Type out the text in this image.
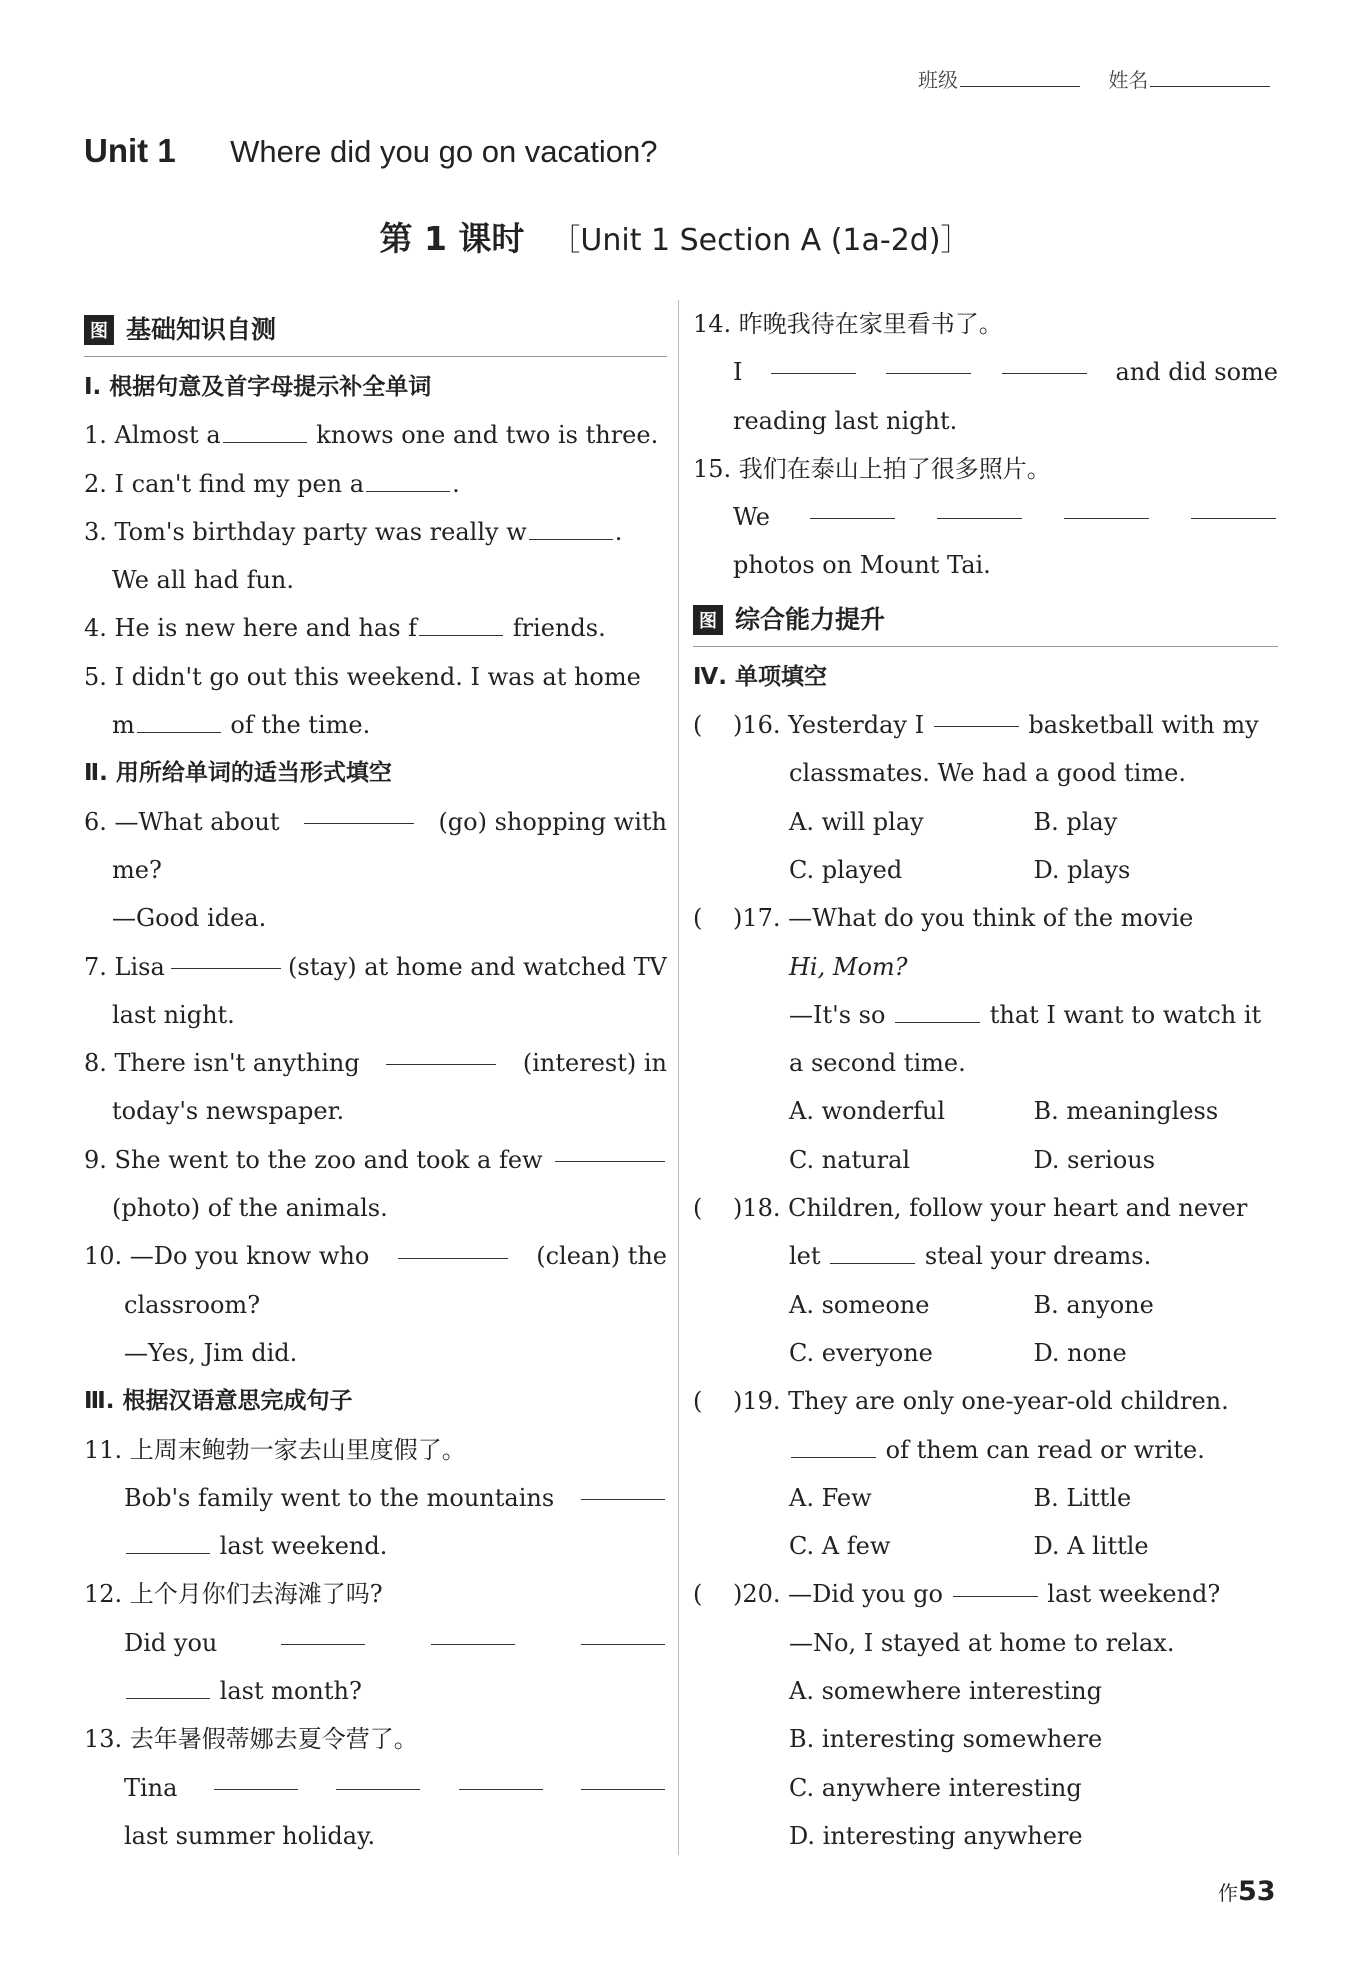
班级	姓名
Unit 1 Where did you go on vacation?
第 1 课时 ［Unit 1 Section A (1a-2d)］
图 基础知识自测
Ⅰ. 根据句意及首字母提示补全单词
1. Almost a	knows one and two is three.
2. I can't find my pen a	.
3. Tom's birthday party was really w	.
We all had fun.
4. He is new here and has f	friends.
5. I didn't go out this weekend. I was at home
m	of the time.
Ⅱ. 用所给单词的适当形式填空
6. —What about	(go) shopping with
me?
—Good idea.
7. Lisa	(stay) at home and watched TV
last night.
8. There isn't anything	(interest) in
today's newspaper.
9. She went to the zoo and took a few
(photo) of the animals.
10. —Do you know who	(clean) the
classroom?
—Yes, Jim did.
Ⅲ. 根据汉语意思完成句子
11. 上周末鲍勃一家去山里度假了。
Bob's family went to the mountains
last weekend.
12. 上个月你们去海滩了吗?
Did you
last month?
13. 去年暑假蒂娜去夏令营了。
Tina
last summer holiday.
14. 昨晚我待在家里看书了。
I	and did some
reading last night.
15. 我们在泰山上拍了很多照片。
We
photos on Mount Tai.
图 综合能力提升
Ⅳ. 单项填空
(	)16. Yesterday I

	basketball with my
classmates. We had a good time.
A. will play	B. play
C. played	D. plays
(	)17. —What do you think of the movie
Hi, Mom?
—It's so	that I want to watch it
a second time.
A. wonderful	B. meaningless
C. natural	D. serious
(	)18. Children, follow your heart and never
let	steal your dreams.
A. someone	B. anyone
C. everyone	D. none
(	)19. They are only one-year-old children.
of them can read or write.
A. Few	B. Little
C. A few	D. A little
(	)20. —Did you go

	last weekend?
—No, I stayed at home to relax.
A. somewhere interesting
B. interesting somewhere
C. anywhere interesting
D. interesting anywhere
作53
